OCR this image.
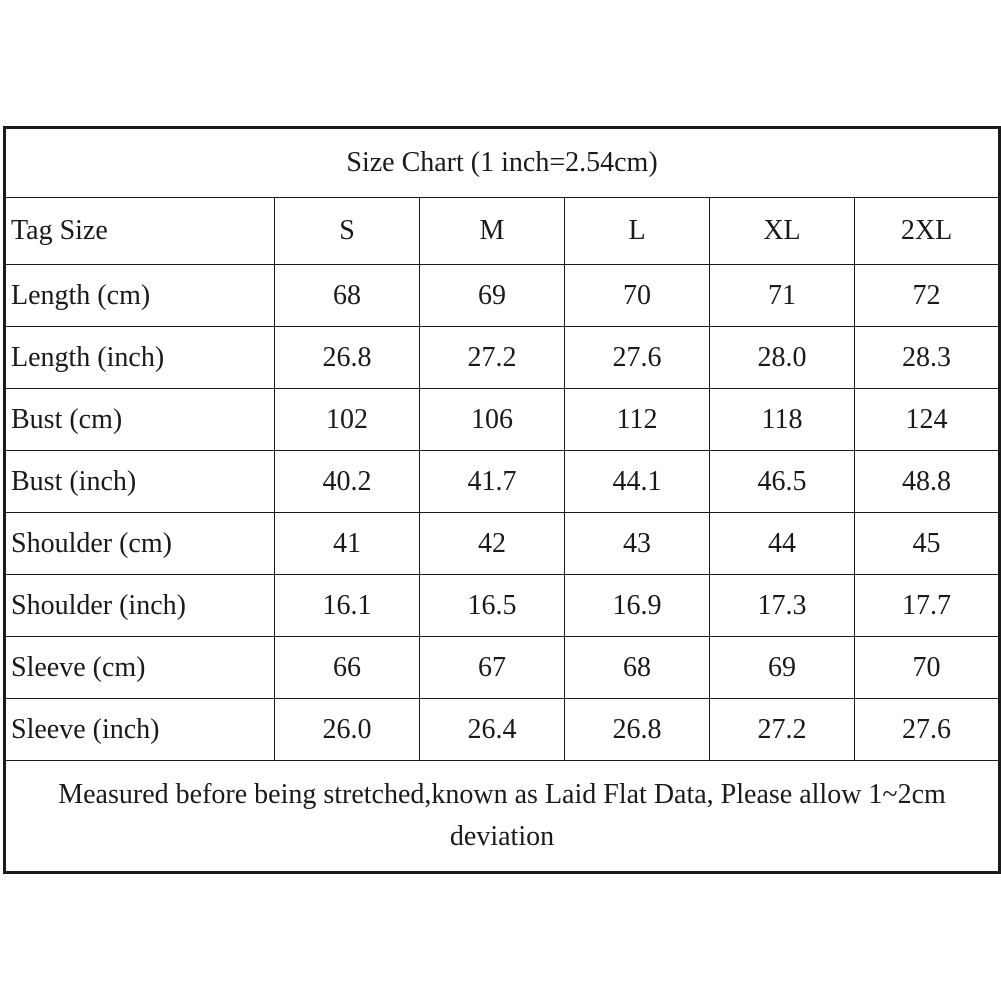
Size Chart (1 inch=2.54cm)					
Tag Size	S	M	L	XL	2XL
Length (cm)	68	69	70	71	72
Length (inch)	26.8	27.2	27.6	28.0	28.3
Bust (cm)	102	106	112	118	124
Bust (inch)	40.2	41.7	44.1	46.5	48.8
Shoulder (cm)	41	42	43	44	45
Shoulder (inch)	16.1	16.5	16.9	17.3	17.7
Sleeve (cm)	66	67	68	69	70
Sleeve (inch)	26.0	26.4	26.8	27.2	27.6
Measured before being stretched,known as Laid Flat Data, Please allow 1~2cm deviation					
